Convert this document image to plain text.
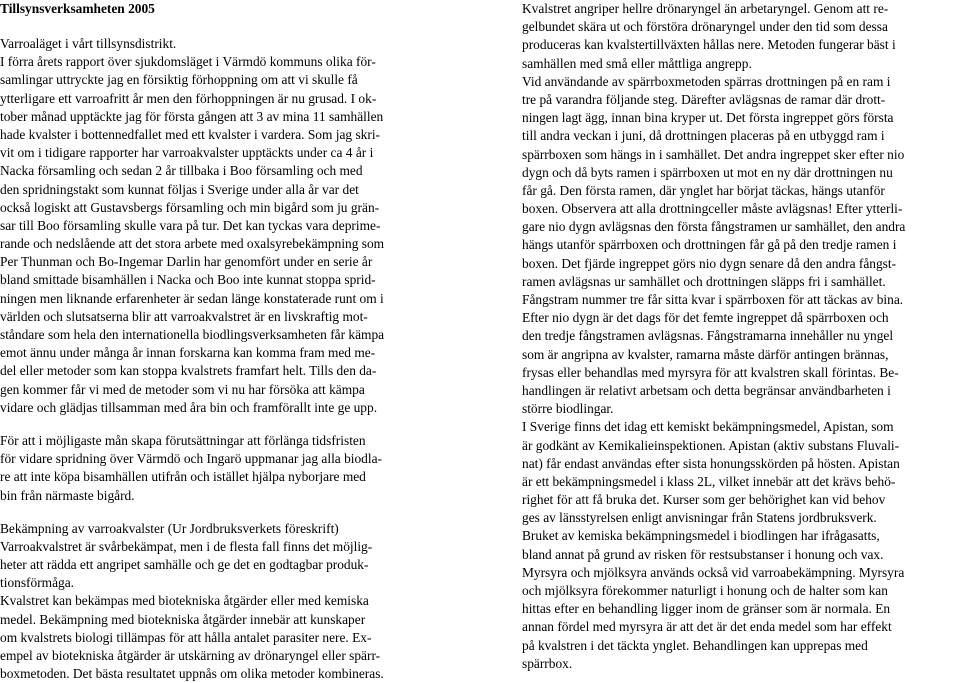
Tillsynsverksamheten 2005
Varroaläget i vårt tillsynsdistrikt.
I förra årets rapport över sjukdomsläget i Värmdö kommuns olika för-
samlingar uttryckte jag en försiktig förhoppning om att vi skulle få
ytterligare ett varroafritt år men den förhoppningen är nu grusad. I ok-
tober månad upptäckte jag för första gången att 3 av mina 11 samhällen
hade kvalster i bottennedfallet med ett kvalster i vardera. Som jag skri-
vit om i tidigare rapporter har varroakvalster upptäckts under ca 4 år i
Nacka församling och sedan 2 år tillbaka i Boo församling och med
den spridningstakt som kunnat följas i Sverige under alla år var det
också logiskt att Gustavsbergs församling och min bigård som ju grän-
sar till Boo församling skulle vara på tur. Det kan tyckas vara deprime-
rande och nedslående att det stora arbete med oxalsyrebekämpning som
Per Thunman och Bo-Ingemar Darlin har genomfört under en serie år
bland smittade bisamhällen i Nacka och Boo inte kunnat stoppa sprid-
ningen men liknande erfarenheter är sedan länge konstaterade runt om i
världen och slutsatserna blir att varroakvalstret är en livskraftig mot-
ståndare som hela den internationella biodlingsverksamheten får kämpa
emot ännu under många år innan forskarna kan komma fram med me-
del eller metoder som kan stoppa kvalstrets framfart helt. Tills den da-
gen kommer får vi med de metoder som vi nu har försöka att kämpa
vidare och glädjas tillsamman med åra bin och framförallt inte ge upp.
För att i möjligaste mån skapa förutsättningar att förlänga tidsfristen
för vidare spridning över Värmdö och Ingarö uppmanar jag alla biodla-
re att inte köpa bisamhällen utifrån och istället hjälpa nyborjare med
bin från närmaste bigård.
Bekämpning av varroakvalster (Ur Jordbruksverkets föreskrift)
Varroakvalstret är svårbekämpat, men i de flesta fall finns det möjlig-
heter att rädda ett angripet samhälle och ge det en godtagbar produk-
tionsförmåga.
Kvalstret kan bekämpas med biotekniska åtgärder eller med kemiska
medel. Bekämpning med biotekniska åtgärder innebär att kunskaper
om kvalstrets biologi tillämpas för att hålla antalet parasiter nere. Ex-
empel av biotekniska åtgärder är utskärning av drönaryngel eller spärr-
boxmetoden. Det bästa resultatet uppnås om olika metoder kombineras.
Kvalstret angriper hellre drönaryngel än arbetaryngel. Genom att re-
gelbundet skära ut och förstöra drönaryngel under den tid som dessa
produceras kan kvalstertillväxten hållas nere. Metoden fungerar bäst i
samhällen med små eller måttliga angrepp.
Vid användande av spärrboxmetoden spärras drottningen på en ram i
tre på varandra följande steg. Därefter avlägsnas de ramar där drott-
ningen lagt ägg, innan bina kryper ut. Det första ingreppet görs första
till andra veckan i juni, då drottningen placeras på en utbyggd ram i
spärrboxen som hängs in i samhället. Det andra ingreppet sker efter nio
dygn och då byts ramen i spärrboxen ut mot en ny där drottningen nu
får gå. Den första ramen, där ynglet har börjat täckas, hängs utanför
boxen. Observera att alla drottningceller måste avlägsnas! Efter ytterli-
gare nio dygn avlägsnas den första fångstramen ur samhället, den andra
hängs utanför spärrboxen och drottningen får gå på den tredje ramen i
boxen. Det fjärde ingreppet görs nio dygn senare då den andra fångst-
ramen avlägsnas ur samhället och drottningen släpps fri i samhället.
Fångstram nummer tre får sitta kvar i spärrboxen för att täckas av bina.
Efter nio dygn är det dags för det femte ingreppet då spärrboxen och
den tredje fångstramen avlägsnas. Fångstramarna innehåller nu yngel
som är angripna av kvalster, ramarna måste därför antingen brännas,
frysas eller behandlas med myrsyra för att kvalstren skall förintas. Be-
handlingen är relativt arbetsam och detta begränsar användbarheten i
större biodlingar.
I Sverige finns det idag ett kemiskt bekämpningsmedel, Apistan, som
är godkänt av Kemikalieinspektionen. Apistan (aktiv substans Fluvali-
nat) får endast användas efter sista honungsskörden på hösten. Apistan
är ett bekämpningsmedel i klass 2L, vilket innebär att det krävs behö-
righet för att få bruka det. Kurser som ger behörighet kan vid behov
ges av länsstyrelsen enligt anvisningar från Statens jordbruksverk.
Bruket av kemiska bekämpningsmedel i biodlingen har ifrågasatts,
bland annat på grund av risken för restsubstanser i honung och vax.
Myrsyra och mjölksyra används också vid varroabekämpning. Myrsyra
och mjölksyra förekommer naturligt i honung och de halter som kan
hittas efter en behandling ligger inom de gränser som är normala. En
annan fördel med myrsyra är att det är det enda medel som har effekt
på kvalstren i det täckta ynglet. Behandlingen kan upprepas med
spärrbox.
